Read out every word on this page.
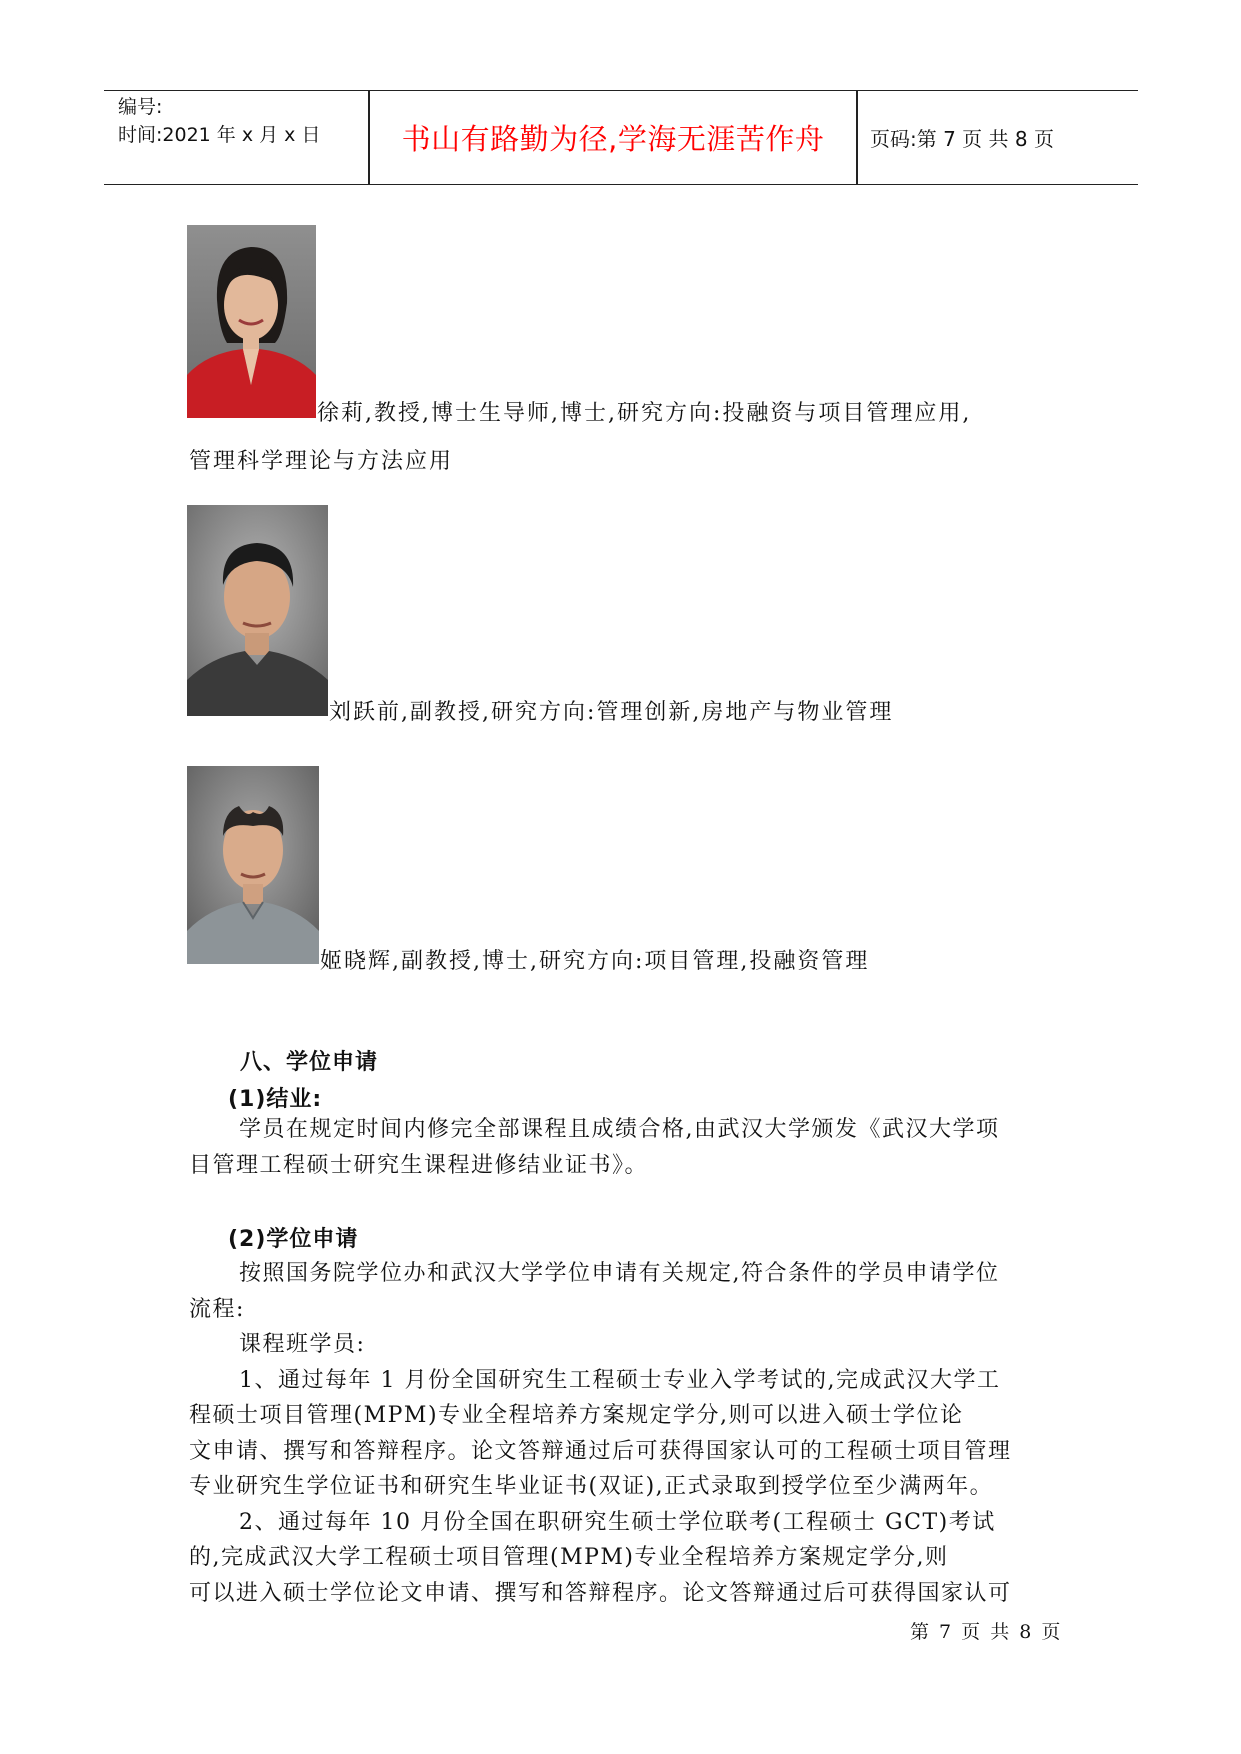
编号:
时间:2021 年 x 月 x 日	书山有路勤为径,学海无涯苦作舟	页码:第 7 页 共 8 页
徐莉,教授,博士生导师,博士,研究方向:投融资与项目管理应用,
管理科学理论与方法应用
刘跃前,副教授,研究方向:管理创新,房地产与物业管理
姬晓辉,副教授,博士,研究方向:项目管理,投融资管理
八、学位申请
(1)结业:
学员在规定时间内修完全部课程且成绩合格,由武汉大学颁发《武汉大学项
目管理工程硕士研究生课程进修结业证书》。
(2)学位申请
按照国务院学位办和武汉大学学位申请有关规定,符合条件的学员申请学位
流程:
课程班学员:
1、通过每年 1 月份全国研究生工程硕士专业入学考试的,完成武汉大学工
程硕士项目管理(MPM)专业全程培养方案规定学分,则可以进入硕士学位论
文申请、撰写和答辩程序。论文答辩通过后可获得国家认可的工程硕士项目管理
专业研究生学位证书和研究生毕业证书(双证),正式录取到授学位至少满两年。
2、通过每年 10 月份全国在职研究生硕士学位联考(工程硕士 GCT)考试
的,完成武汉大学工程硕士项目管理(MPM)专业全程培养方案规定学分,则
可以进入硕士学位论文申请、撰写和答辩程序。论文答辩通过后可获得国家认可
第 7 页 共 8 页
